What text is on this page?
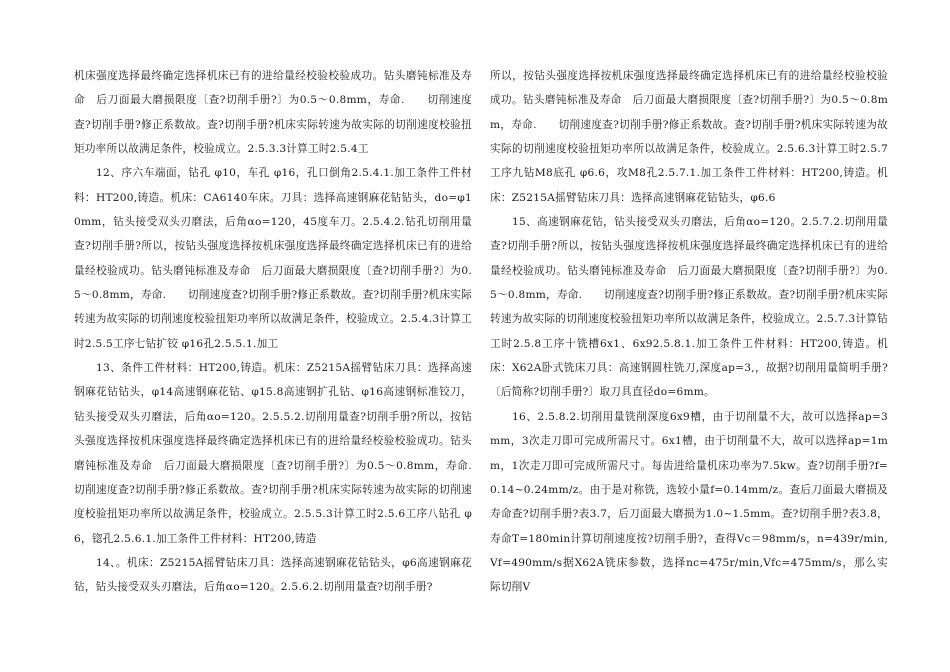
机床强度选择最终确定选择机床已有的进给量经校验校验成功。钻头磨钝标准及寿命　后刀面最大磨损限度〔查?切削手册?〕为0.5～0.8mm，寿命.　　切削速度查?切削手册?修正系数故。查?切削手册?机床实际转速为故实际的切削速度校验扭矩功率所以故满足条件，校验成立。2.5.3.3计算工时2.5.4工

12、序六车端面，钻孔 φ10，车孔 φ16，孔口倒角2.5.4.1.加工条件工件材料：HT200,铸造。机床：CA6140车床。刀具：选择高速钢麻花钻钻头，do=φ10mm，钻头接受双头刃磨法，后角αo=120，45度车刀。2.5.4.2.钻孔切削用量查?切削手册?所以，按钻头强度选择按机床强度选择最终确定选择机床已有的进给量经校验成功。钻头磨钝标准及寿命　后刀面最大磨损限度〔查?切削手册?〕为0.5～0.8mm，寿命.　　切削速度查?切削手册?修正系数故。查?切削手册?机床实际转速为故实际的切削速度校验扭矩功率所以故满足条件，校验成立。2.5.4.3计算工时2.5.5工序七钻扩铰 φ16孔2.5.5.1.加工

13、条件工件材料：HT200,铸造。机床：Z5215A摇臂钻床刀具：选择高速钢麻花钻钻头，φ14高速钢麻花钻、φ15.8高速钢扩孔钻、φ16高速钢标准铰刀，钻头接受双头刃磨法，后角αo=120。2.5.5.2.切削用量查?切削手册?所以，按钻头强度选择按机床强度选择最终确定选择机床已有的进给量经校验校验成功。钻头磨钝标准及寿命　后刀面最大磨损限度〔查?切削手册?〕为0.5～0.8mm，寿命.　　切削速度查?切削手册?修正系数故。查?切削手册?机床实际转速为故实际的切削速度校验扭矩功率所以故满足条件，校验成立。2.5.5.3计算工时2.5.6工序八钻孔 φ6，锪孔2.5.6.1.加工条件工件材料：HT200,铸造

14、。机床：Z5215A摇臂钻床刀具：选择高速钢麻花钻钻头，φ6高速钢麻花钻，钻头接受双头刃磨法，后角αo=120。2.5.6.2.切削用量查?切削手册?

所以，按钻头强度选择按机床强度选择最终确定选择机床已有的进给量经校验校验成功。钻头磨钝标准及寿命　后刀面最大磨损限度〔查?切削手册?〕为0.5～0.8mm，寿命.　　切削速度查?切削手册?修正系数故。查?切削手册?机床实际转速为故实际的切削速度校验扭矩功率所以故满足条件，校验成立。2.5.6.3计算工时2.5.7工序九钻M8底孔 φ6.6，攻M8孔2.5.7.1.加工条件工件材料：HT200,铸造。机床：Z5215A摇臂钻床刀具：选择高速钢麻花钻钻头，φ6.6

15、高速钢麻花钻，钻头接受双头刃磨法，后角αo=120。2.5.7.2.切削用量查?切削手册?所以，按钻头强度选择按机床强度选择最终确定选择机床已有的进给量经校验成功。钻头磨钝标准及寿命　后刀面最大磨损限度〔查?切削手册?〕为0.5～0.8mm，寿命.　　切削速度查?切削手册?修正系数故。查?切削手册?机床实际转速为故实际的切削速度校验扭矩功率所以故满足条件，校验成立。2.5.7.3计算钻工时2.5.8工序十铣槽6x1、6x92.5.8.1.加工条件工件材料：HT200,铸造。机床：X62A卧式铣床刀具：高速钢圆柱铣刀,深度ap=3,，故据?切削用量简明手册?〔后简称?切削手册?〕取刀具直径do=6mm。

16、2.5.8.2.切削用量铣削深度6x9槽，由于切削量不大，故可以选择ap=3mm，3次走刀即可完成所需尺寸。6x1槽，由于切削量不大，故可以选择ap=1mm，1次走刀即可完成所需尺寸。每齿进给量机床功率为7.5kw。查?切削手册?f=0.14~0.24mm/z。由于是对称铣，选较小量f=0.14mm/z。查后刀面最大磨损及寿命查?切削手册?表3.7，后刀面最大磨损为1.0~1.5mm。查?切削手册?表3.8，寿命T=180min计算切削速度按?切削手册?，查得Vc＝98mm/s，n=439r/min,Vf=490mm/s据X62A铣床参数，选择nc=475r/min,Vfc=475mm/s，那么实际切削V
